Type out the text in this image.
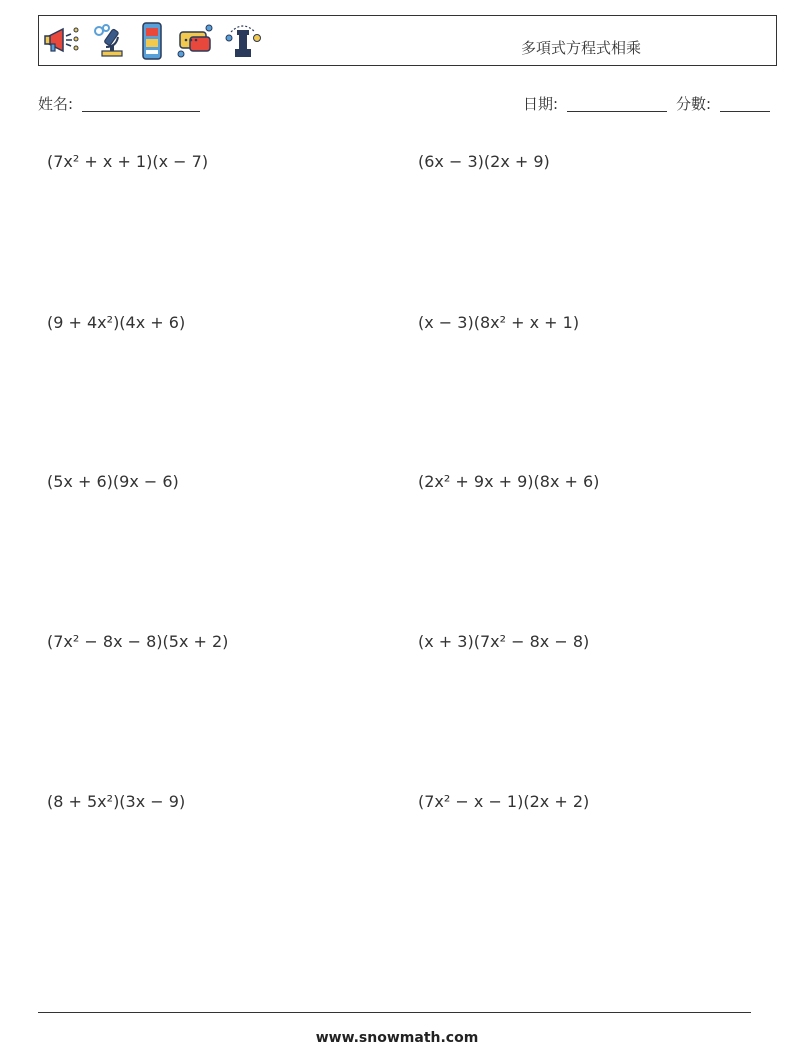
多項式方程式相乘
姓名:	日期:	分數:
(7x² + x + 1)(x − 7)	(6x − 3)(2x + 9)
(9 + 4x²)(4x + 6)	(x − 3)(8x² + x + 1)
(5x + 6)(9x − 6)	(2x² + 9x + 9)(8x + 6)
(7x² − 8x − 8)(5x + 2)	(x + 3)(7x² − 8x − 8)
(8 + 5x²)(3x − 9)	(7x² − x − 1)(2x + 2)
www.snowmath.com
